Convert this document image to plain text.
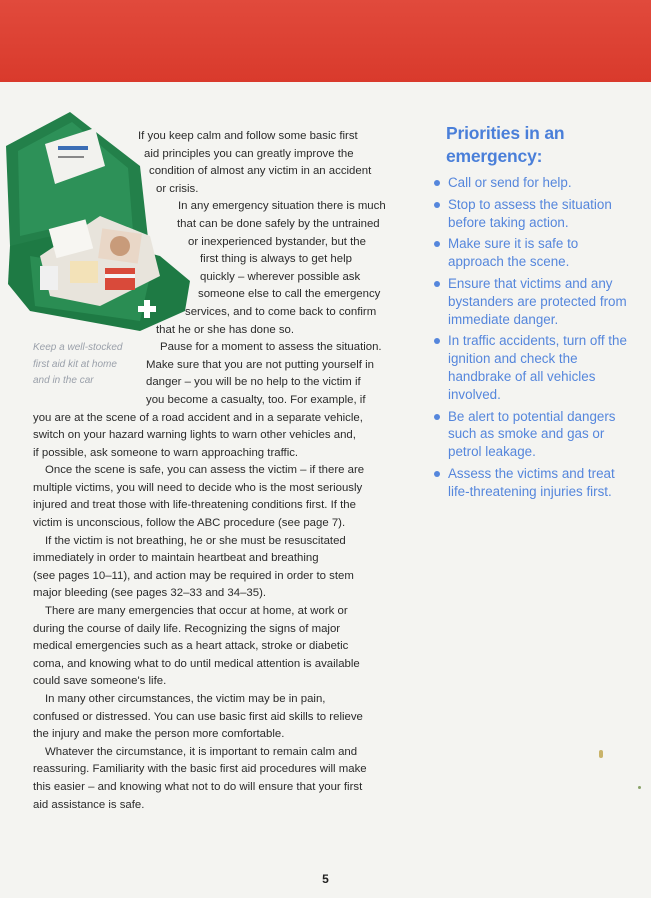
Keep a well-stocked
first aid kit at home
and in the car
If you keep calm and follow some basic first
aid principles you can greatly improve the
condition of almost any victim in an accident
or crisis.
In any emergency situation there is much
that can be done safely by the untrained
or inexperienced bystander, but the
first thing is always to get help
quickly – wherever possible ask
someone else to call the emergency
services, and to come back to confirm
that he or she has done so.
Pause for a moment to assess the situation.
Make sure that you are not putting yourself in
danger – you will be no help to the victim if
you become a casualty, too. For example, if
you are at the scene of a road accident and in a separate vehicle,
switch on your hazard warning lights to warn other vehicles and,
if possible, ask someone to warn approaching traffic.
Once the scene is safe, you can assess the victim – if there are
multiple victims, you will need to decide who is the most seriously
injured and treat those with life-threatening conditions first. If the
victim is unconscious, follow the ABC procedure (see page 7).
If the victim is not breathing, he or she must be resuscitated
immediately in order to maintain heartbeat and breathing
(see pages 10–11), and action may be required in order to stem
major bleeding (see pages 32–33 and 34–35).
There are many emergencies that occur at home, at work or
during the course of daily life. Recognizing the signs of major
medical emergencies such as a heart attack, stroke or diabetic
coma, and knowing what to do until medical attention is available
could save someone's life.
In many other circumstances, the victim may be in pain,
confused or distressed. You can use basic first aid skills to relieve
the injury and make the person more comfortable.
Whatever the circumstance, it is important to remain calm and
reassuring. Familiarity with the basic first aid procedures will make
this easier – and knowing what not to do will ensure that your first
aid assistance is safe.
Priorities in an
emergency:
Call or send for help.
Stop to assess the situation before taking action.
Make sure it is safe to approach the scene.
Ensure that victims and any bystanders are protected from immediate danger.
In traffic accidents, turn off the ignition and check the handbrake of all vehicles involved.
Be alert to potential dangers such as smoke and gas or petrol leakage.
Assess the victims and treat life-threatening injuries first.
5
